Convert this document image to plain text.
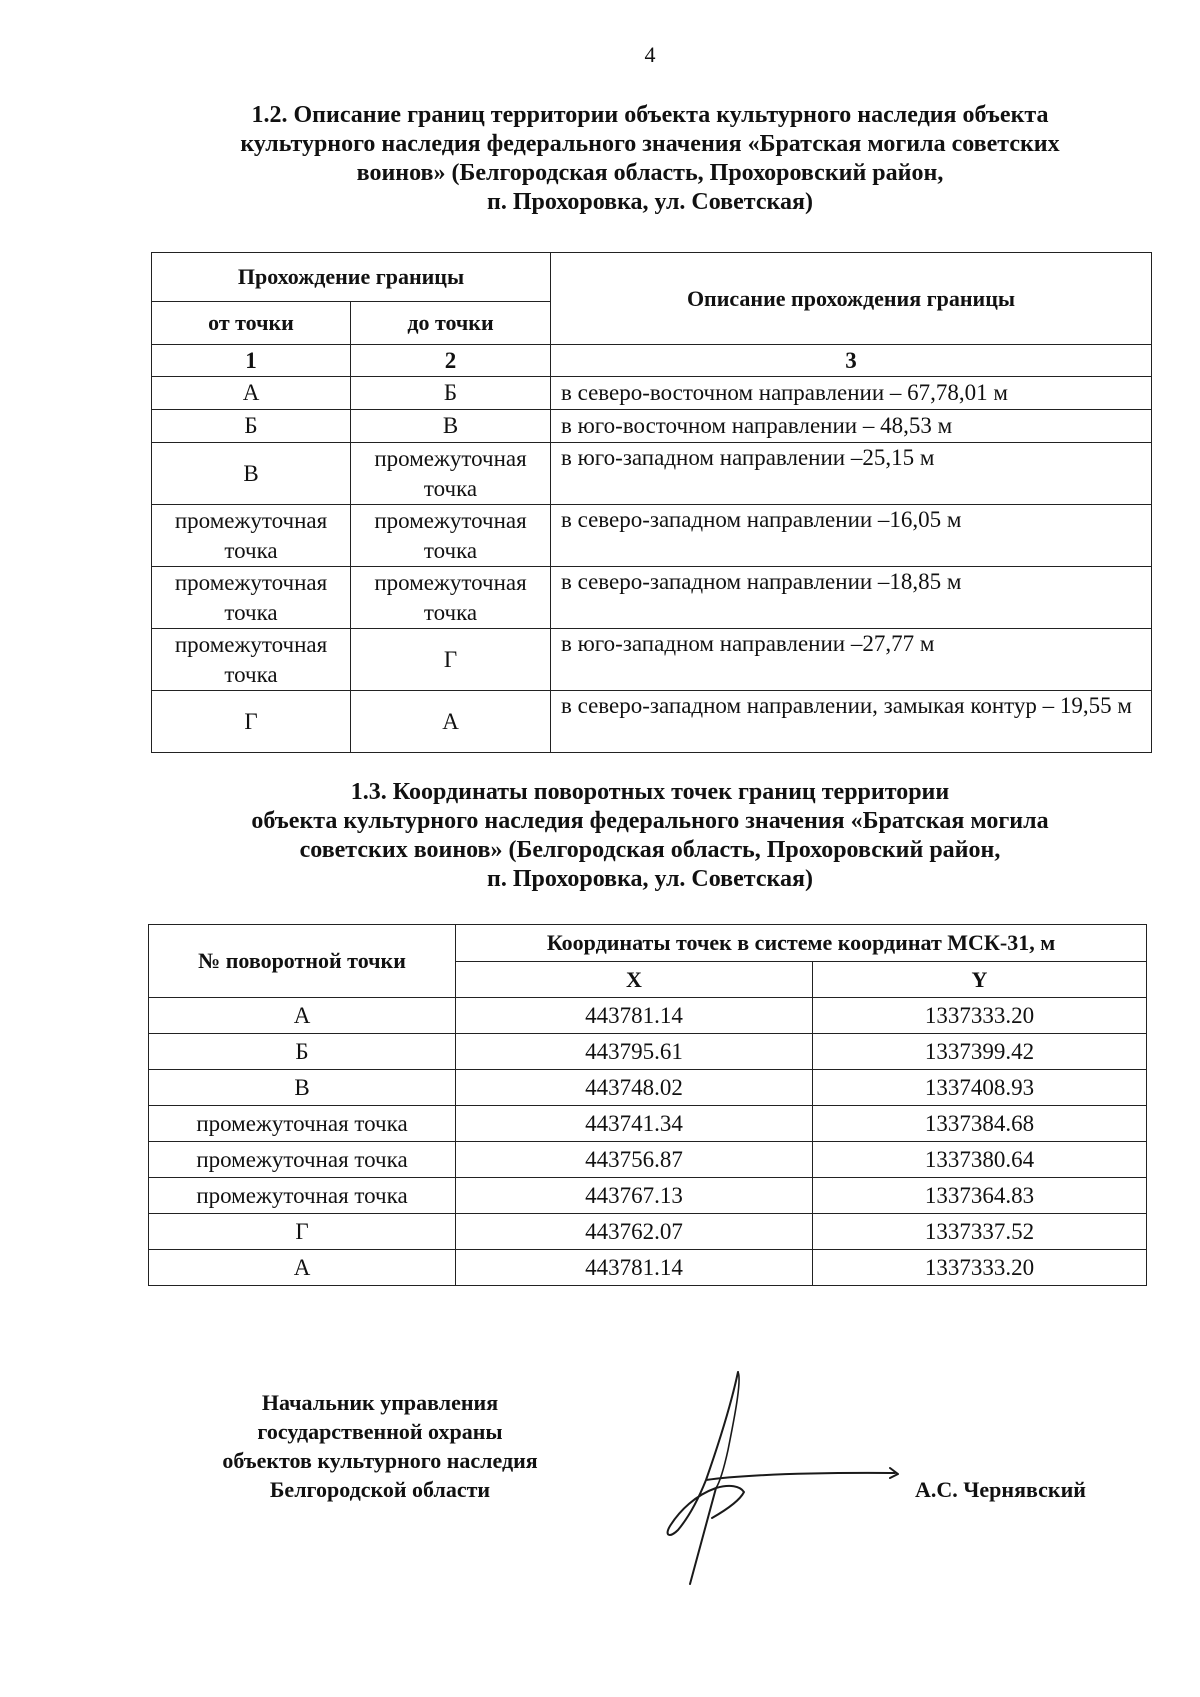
4
1.2. Описание границ территории объекта культурного наследия объекта
культурного наследия федерального значения «Братская могила советских
воинов» (Белгородская область, Прохоровский район,
п. Прохоровка, ул. Советская)
Прохождение границы		Описание прохождения границы
от точки	до точки	
1	2	3
А	Б	в северо-восточном направлении – 67,78,01 м
Б	В	в юго-восточном направлении – 48,53 м
В	промежуточная точка	в юго-западном направлении –25,15 м
промежуточная точка	промежуточная точка	в северо-западном направлении –16,05 м
промежуточная точка	промежуточная точка	в северо-западном направлении –18,85 м
промежуточная точка	Г	в юго-западном направлении –27,77 м
Г	А	в северо-западном направлении, замыкая контур – 19,55 м
1.3. Координаты поворотных точек границ территории
объекта культурного наследия федерального значения «Братская могила
советских воинов» (Белгородская область, Прохоровский район,
п. Прохоровка, ул. Советская)
№ поворотной точки	Координаты точек в системе координат МСК-31, м	
	X	Y
А	443781.14	1337333.20
Б	443795.61	1337399.42
В	443748.02	1337408.93
промежуточная точка	443741.34	1337384.68
промежуточная точка	443756.87	1337380.64
промежуточная точка	443767.13	1337364.83
Г	443762.07	1337337.52
А	443781.14	1337333.20
Начальник управления
государственной охраны
объектов культурного наследия
Белгородской области	А.С. Чернявский
